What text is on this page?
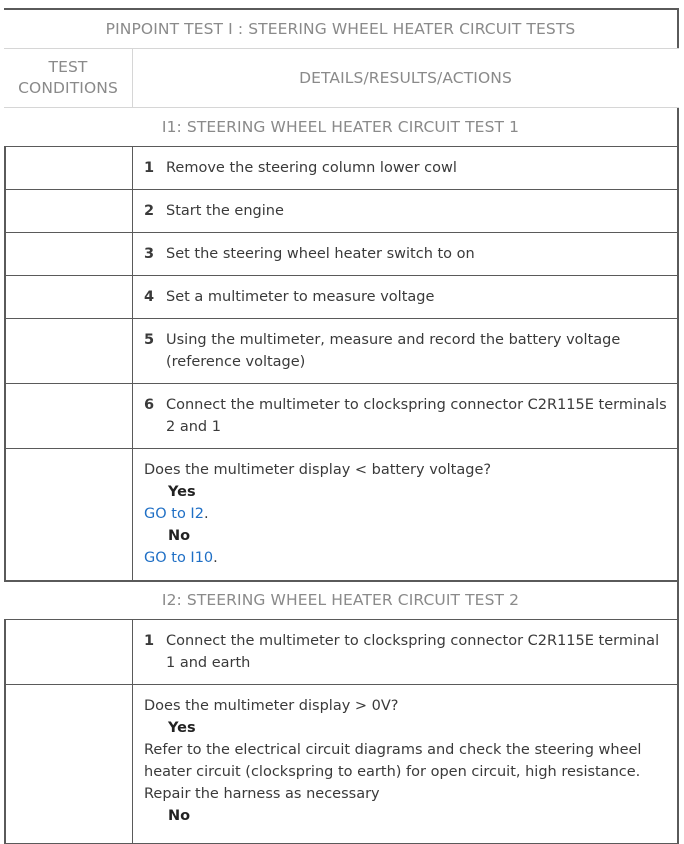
PINPOINT TEST I : STEERING WHEEL HEATER CIRCUIT TESTS
TEST
CONDITIONS
DETAILS/RESULTS/ACTIONS
I1: STEERING WHEEL HEATER CIRCUIT TEST 1
1 Remove the steering column lower cowl
2 Start the engine
3 Set the steering wheel heater switch to on
4 Set a multimeter to measure voltage
5 Using the multimeter, measure and record the battery voltage (reference voltage)
6 Connect the multimeter to clockspring connector C2R115E terminals 2 and 1
Does the multimeter display < battery voltage?
Yes
GO to I2.
No
GO to I10.
I2: STEERING WHEEL HEATER CIRCUIT TEST 2
1 Connect the multimeter to clockspring connector C2R115E terminal 1 and earth
Does the multimeter display > 0V?
Yes
Refer to the electrical circuit diagrams and check the steering wheel heater circuit (clockspring to earth) for open circuit, high resistance. Repair the harness as necessary
No
